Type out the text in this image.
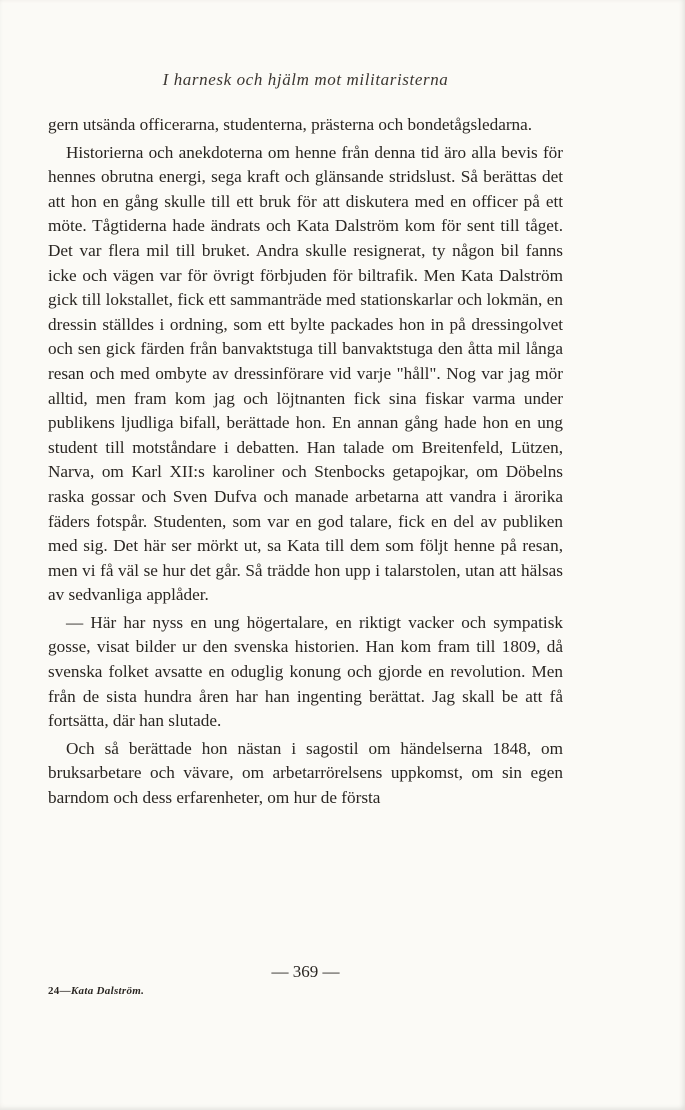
I harnesk och hjälm mot militaristerna

gern utsända officerarna, studenterna, prästerna och bondetågsledarna.

Historierna och anekdoterna om henne från denna tid äro alla bevis för hennes obrutna energi, sega kraft och glänsande stridslust. Så berättas det att hon en gång skulle till ett bruk för att diskutera med en officer på ett möte. Tågtiderna hade ändrats och Kata Dalström kom för sent till tåget. Det var flera mil till bruket. Andra skulle resignerat, ty någon bil fanns icke och vägen var för övrigt förbjuden för biltrafik. Men Kata Dalström gick till lokstallet, fick ett sammanträde med stationskarlar och lokmän, en dressin ställdes i ordning, som ett bylte packades hon in på dressingolvet och sen gick färden från banvaktstuga till banvaktstuga den åtta mil långa resan och med ombyte av dressinförare vid varje "håll". Nog var jag mör alltid, men fram kom jag och löjtnanten fick sina fiskar varma under publikens ljudliga bifall, berättade hon. En annan gång hade hon en ung student till motståndare i debatten. Han talade om Breitenfeld, Lützen, Narva, om Karl XII:s karoliner och Stenbocks getapojkar, om Döbelns raska gossar och Sven Dufva och manade arbetarna att vandra i ärorika fäders fotspår. Studenten, som var en god talare, fick en del av publiken med sig. Det här ser mörkt ut, sa Kata till dem som följt henne på resan, men vi få väl se hur det går. Så trädde hon upp i talarstolen, utan att hälsas av sedvanliga applåder.

— Här har nyss en ung högertalare, en riktigt vacker och sympatisk gosse, visat bilder ur den svenska historien. Han kom fram till 1809, då svenska folket avsatte en oduglig konung och gjorde en revolution. Men från de sista hundra åren har han ingenting berättat. Jag skall be att få fortsätta, där han slutade.

Och så berättade hon nästan i sagostil om händelserna 1848, om bruksarbetare och vävare, om arbetarrörelsens uppkomst, om sin egen barndom och dess erfarenheter, om hur de första

— 369 —
24—Kata Dalström.
